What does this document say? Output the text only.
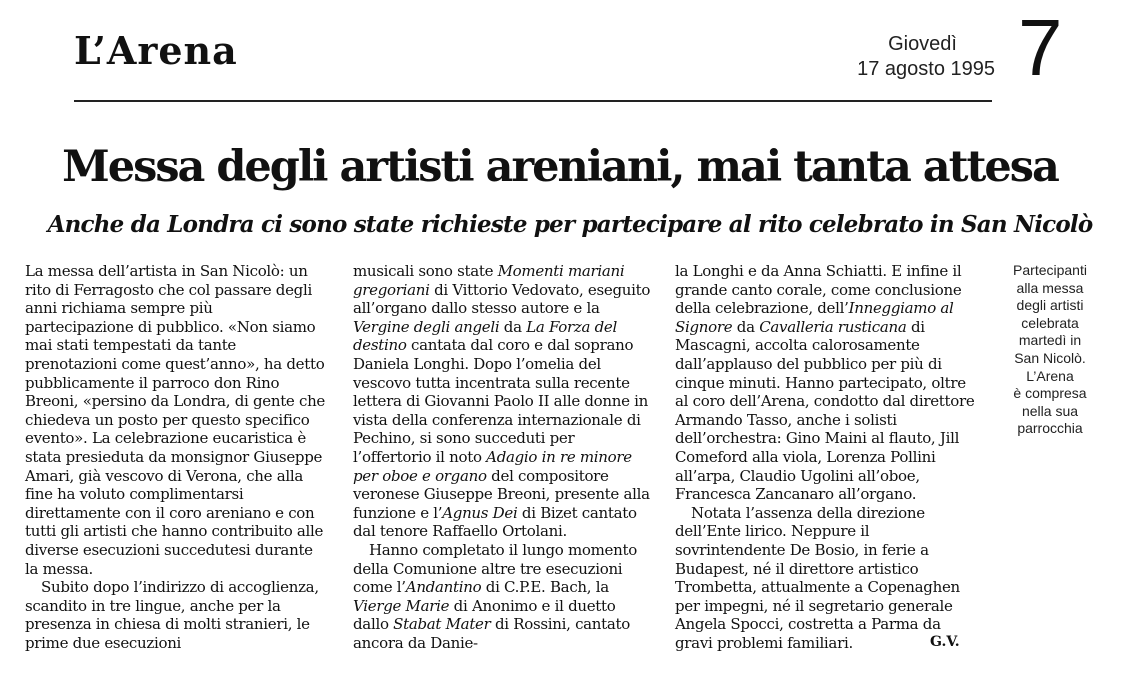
L’Arena	Giovedì
17 agosto 1995 7
Messa degli artisti areniani, mai tanta attesa
Anche da Londra ci sono state richieste per partecipare al rito celebrato in San Nicolò

La messa dell’artista in San Nicolò: un rito di Ferragosto che col passare degli anni richiama sempre più partecipazione di pubblico. «Non siamo mai stati tempestati da tante prenotazioni come quest’anno», ha detto pubblicamente il parroco don Rino Breoni, «persino da Londra, di gente che chiedeva un posto per questo specifico evento». La celebrazione eucaristica è stata presieduta da monsignor Giuseppe Amari, già vescovo di Verona, che alla fine ha voluto complimentarsi direttamente con il coro areniano e con tutti gli artisti che hanno contribuito alle diverse esecuzioni succedutesi durante la messa.

Subito dopo l’indirizzo di accoglienza, scandito in tre lingue, anche per la presenza in chiesa di molti stranieri, le prime due esecuzioni

musicali sono state Momenti mariani gregoriani di Vittorio Vedovato, eseguito all’organo dallo stesso autore e la Vergine degli angeli da La Forza del destino cantata dal coro e dal soprano Daniela Longhi. Dopo l’omelia del vescovo tutta incentrata sulla recente lettera di Giovanni Paolo II alle donne in vista della conferenza internazionale di Pechino, si sono succeduti per l’offertorio il noto Adagio in re minore per oboe e organo del compositore veronese Giuseppe Breoni, presente alla funzione e l’Agnus Dei di Bizet cantato dal tenore Raffaello Ortolani.

Hanno completato il lungo momento della Comunione altre tre esecuzioni come l’Andantino di C.P.E. Bach, la Vierge Marie di Anonimo e il duetto dallo Stabat Mater di Rossini, cantato ancora da Danie-

la Longhi e da Anna Schiatti. E infine il grande canto corale, come conclusione della celebrazione, dell’Inneggiamo al Signore da Cavalleria rusticana di Mascagni, accolta calorosamente dall’applauso del pubblico per più di cinque minuti. Hanno partecipato, oltre al coro dell’Arena, condotto dal direttore Armando Tasso, anche i solisti dell’orchestra: Gino Maini al flauto, Jill Comeford alla viola, Lorenza Pollini all’arpa, Claudio Ugolini all’oboe, Francesca Zancanaro all’organo.

Notata l’assenza della direzione dell’Ente lirico. Neppure il sovrintendente De Bosio, in ferie a Budapest, né il direttore artistico Trombetta, attualmente a Copenaghen per impegni, né il segretario generale Angela Spocci, costretta a Parma da gravi problemi familiari.	G.V.
Partecipanti
alla messa
degli artisti
celebrata
martedì in
San Nicolò.
L’Arena
è compresa
nella sua
parrocchia
